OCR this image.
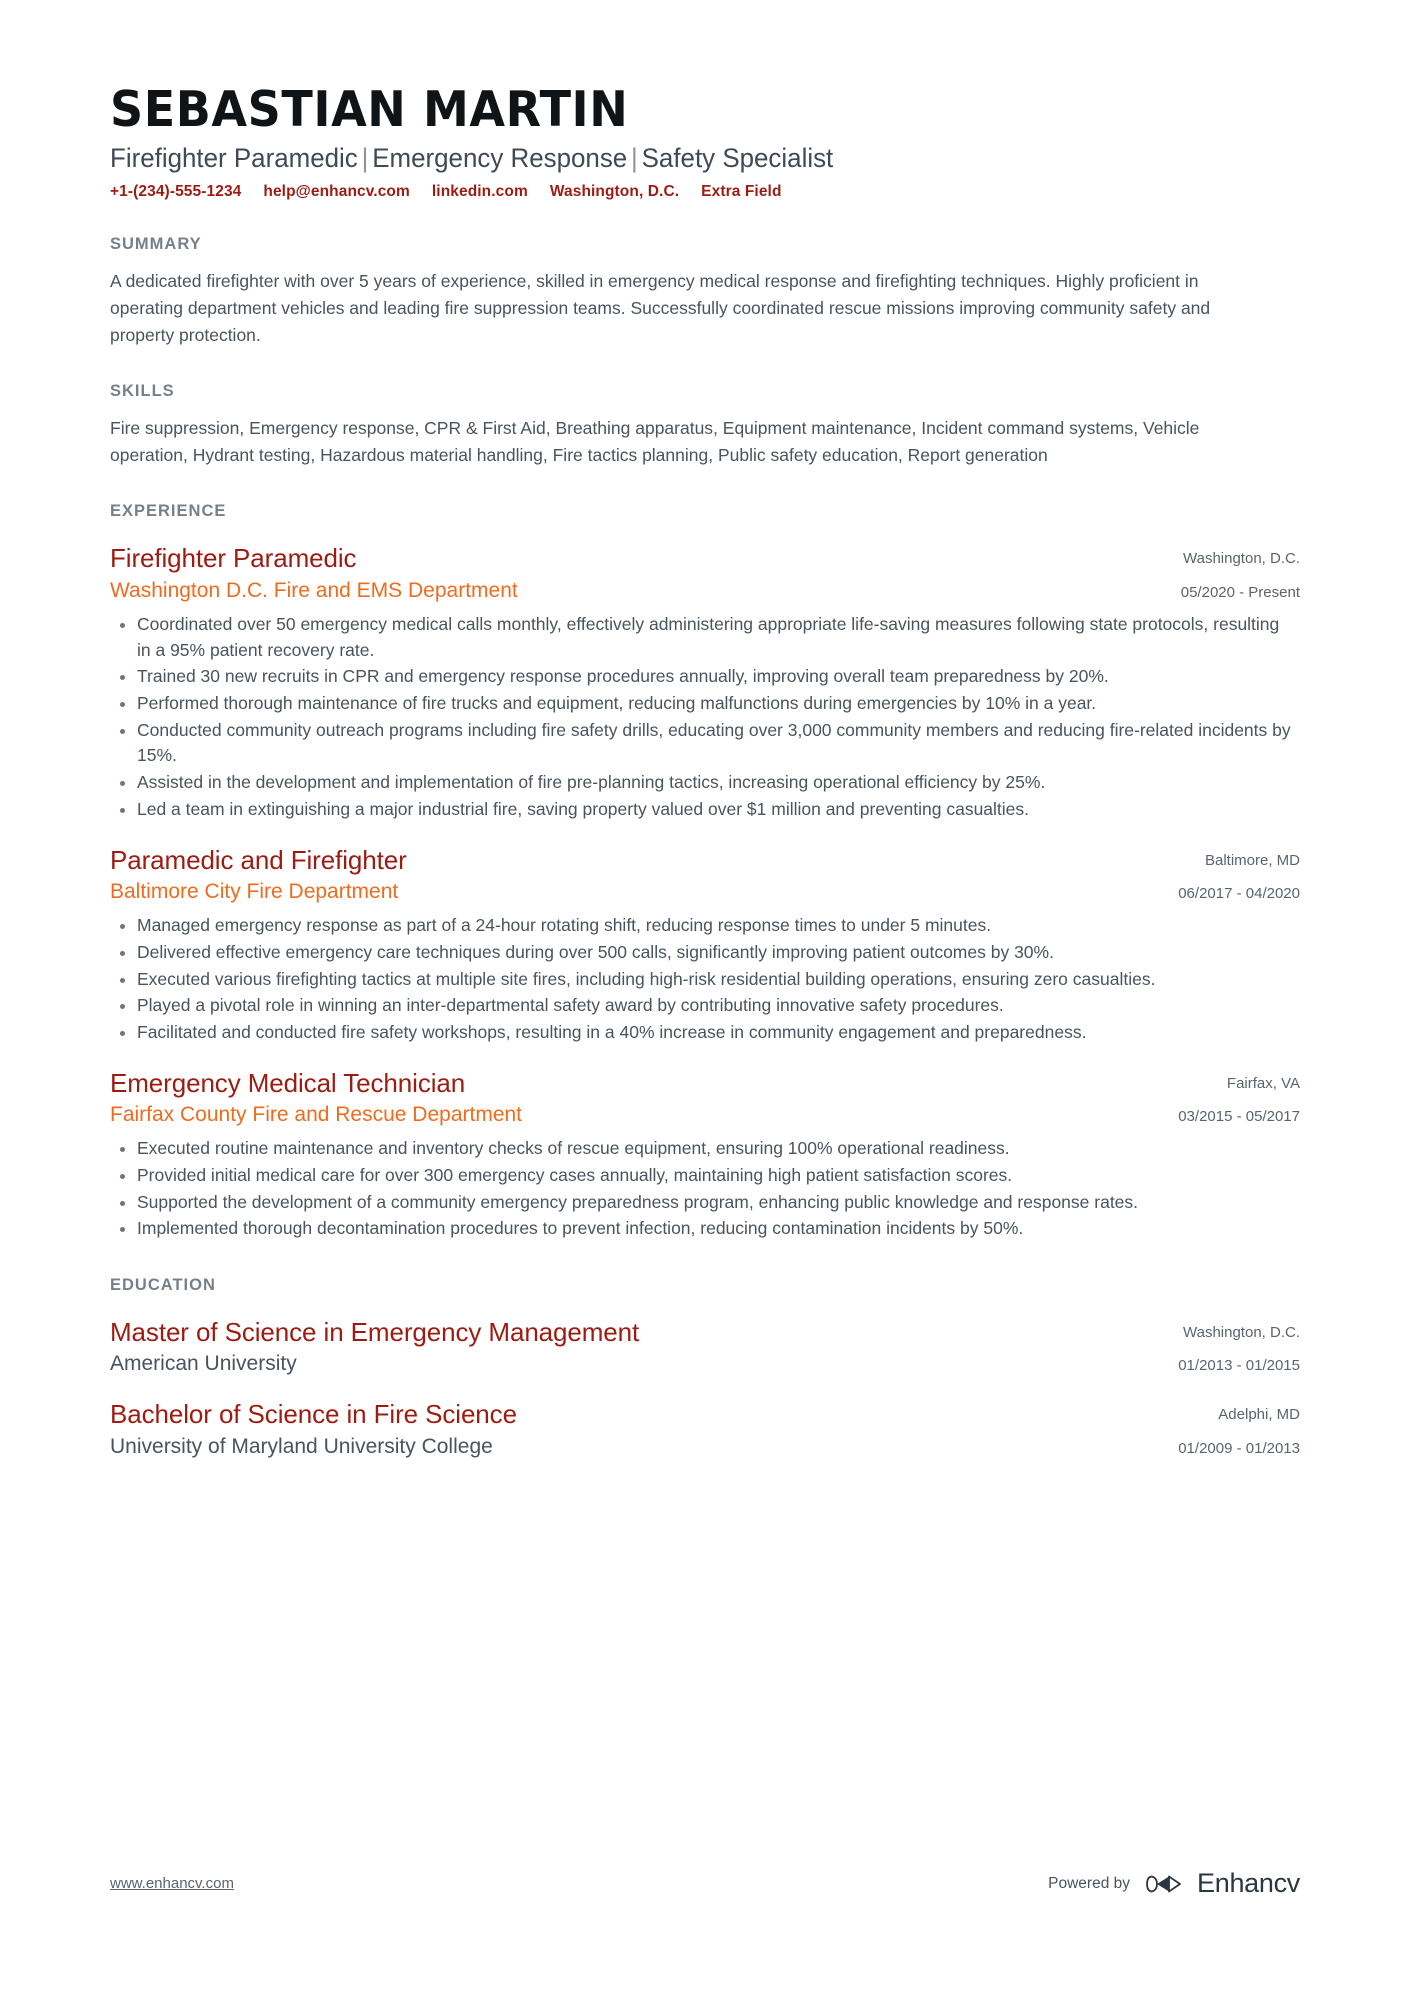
SEBASTIAN MARTIN
Firefighter Paramedic | Emergency Response | Safety Specialist
+1-(234)-555-1234 help@enhancv.com linkedin.com Washington, D.C. Extra Field
SUMMARY

A dedicated firefighter with over 5 years of experience, skilled in emergency medical response and firefighting techniques. Highly proficient in operating department vehicles and leading fire suppression teams. Successfully coordinated rescue missions improving community safety and property protection.

SKILLS

Fire suppression, Emergency response, CPR & First Aid, Breathing apparatus, Equipment maintenance, Incident command systems, Vehicle operation, Hydrant testing, Hazardous material handling, Fire tactics planning, Public safety education, Report generation

EXPERIENCE
Firefighter Paramedic
Washington D.C. Fire and EMS Department
Washington, D.C.
05/2020 - Present
Coordinated over 50 emergency medical calls monthly, effectively administering appropriate life-saving measures following state protocols, resulting in a 95% patient recovery rate.
Trained 30 new recruits in CPR and emergency response procedures annually, improving overall team preparedness by 20%.
Performed thorough maintenance of fire trucks and equipment, reducing malfunctions during emergencies by 10% in a year.
Conducted community outreach programs including fire safety drills, educating over 3,000 community members and reducing fire-related incidents by 15%.
Assisted in the development and implementation of fire pre-planning tactics, increasing operational efficiency by 25%.
Led a team in extinguishing a major industrial fire, saving property valued over $1 million and preventing casualties.
Paramedic and Firefighter
Baltimore City Fire Department
Baltimore, MD
06/2017 - 04/2020
Managed emergency response as part of a 24-hour rotating shift, reducing response times to under 5 minutes.
Delivered effective emergency care techniques during over 500 calls, significantly improving patient outcomes by 30%.
Executed various firefighting tactics at multiple site fires, including high-risk residential building operations, ensuring zero casualties.
Played a pivotal role in winning an inter-departmental safety award by contributing innovative safety procedures.
Facilitated and conducted fire safety workshops, resulting in a 40% increase in community engagement and preparedness.
Emergency Medical Technician
Fairfax County Fire and Rescue Department
Fairfax, VA
03/2015 - 05/2017
Executed routine maintenance and inventory checks of rescue equipment, ensuring 100% operational readiness.
Provided initial medical care for over 300 emergency cases annually, maintaining high patient satisfaction scores.
Supported the development of a community emergency preparedness program, enhancing public knowledge and response rates.
Implemented thorough decontamination procedures to prevent infection, reducing contamination incidents by 50%.
EDUCATION
Master of Science in Emergency Management
American University
Washington, D.C.
01/2013 - 01/2015
Bachelor of Science in Fire Science
University of Maryland University College
Adelphi, MD
01/2009 - 01/2013
www.enhancv.com	Powered by Enhancv
